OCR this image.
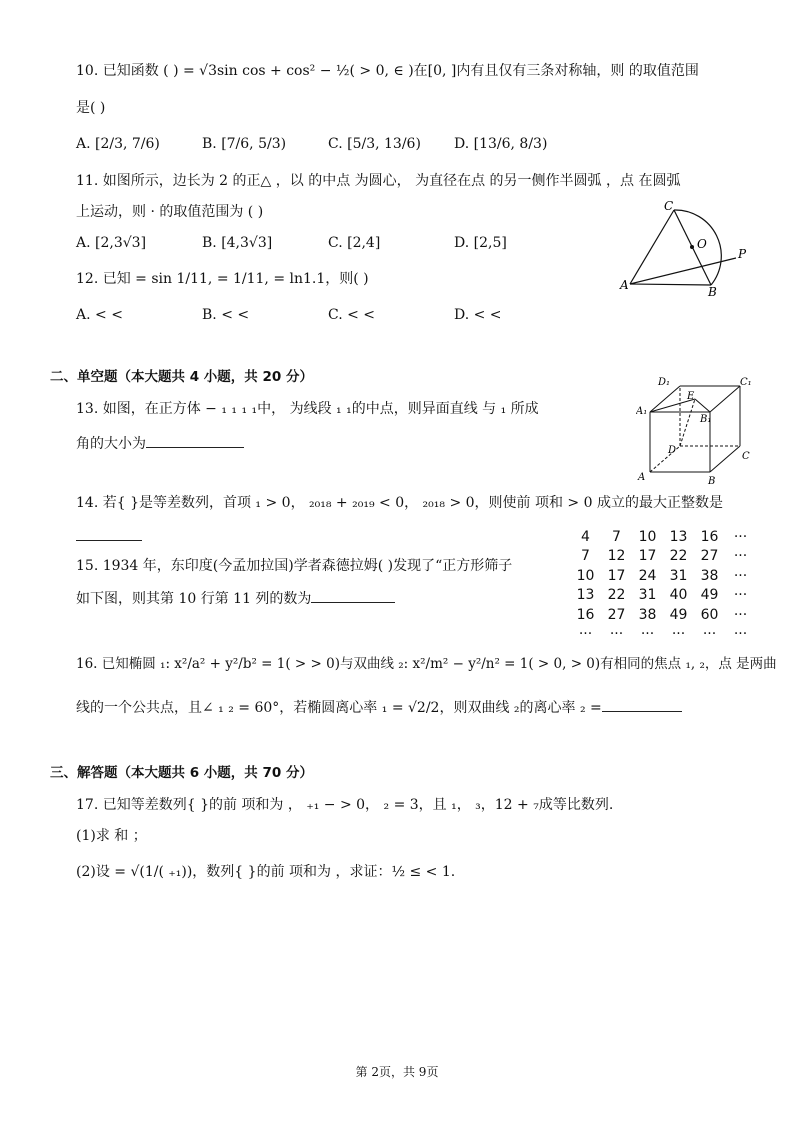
10. 已知函数 ( ) = √3sin cos + cos² − ½( > 0, ∈ )在[0, ]内有且仅有三条对称轴，则 的取值范围
是( )
A. [2/3, 7/6)	B. [7/6, 5/3)	C. [5/3, 13/6) D. [13/6, 8/3)
11. 如图所示，边长为 2 的正△ ，以 的中点 为圆心， 为直径在点 的另一侧作半圆弧 ，点 在圆弧
上运动，则 · 的取值范围为 ( )
A. [2,3√3]	B. [4,3√3]	C. [2,4]	D. [2,5]
C
O
P
A	B
12. 已知 = sin 1/11, = 1/11, = ln1.1，则( )
A. < <	B. < <	C. < <	D. < <
二、单空题（本大题共 4 小题，共 20 分）
13. 如图，在正方体 − ₁ ₁ ₁ ₁中， 为线段 ₁ ₁的中点，则异面直线 与 ₁ 所成
角的大小为
D₁	C₁
E
A₁
B₁
D
C
A	B
14. 若{ }是等差数列，首项 ₁ > 0， ₂₀₁₈ + ₂₀₁₉ < 0， ₂₀₁₈ > 0，则使前 项和 > 0 成立的最大正整数是
15. 1934 年，东印度(今孟加拉国)学者森德拉姆( )发现了“正方形筛子
如下图，则其第 10 行第 11 列的数为
4	7	10	13	16	···
7	12	17	22	27	···
10	17	24	31	38	···
13	22	31	40	49	···
16	27	38	49	60	···
···	···	···	···	···	···
16. 已知椭圆 ₁: x²/a² + y²/b² = 1( > > 0)与双曲线 ₂: x²/m² − y²/n² = 1( > 0, > 0)有相同的焦点 ₁, ₂，点 是两曲
线的一个公共点，且∠ ₁ ₂ = 60°，若椭圆离心率 ₁ = √2/2，则双曲线 ₂的离心率 ₂ =
三、解答题（本大题共 6 小题，共 70 分）
17. 已知等差数列{ }的前 项和为 ， ₊₁ − > 0， ₂ = 3，且 ₁， ₃，12 + ₇成等比数列.
(1)求 和 ；
(2)设 = √(1/( ₊₁))，数列{ }的前 项和为 ，求证：½ ≤ < 1.
第 2页，共 9页
